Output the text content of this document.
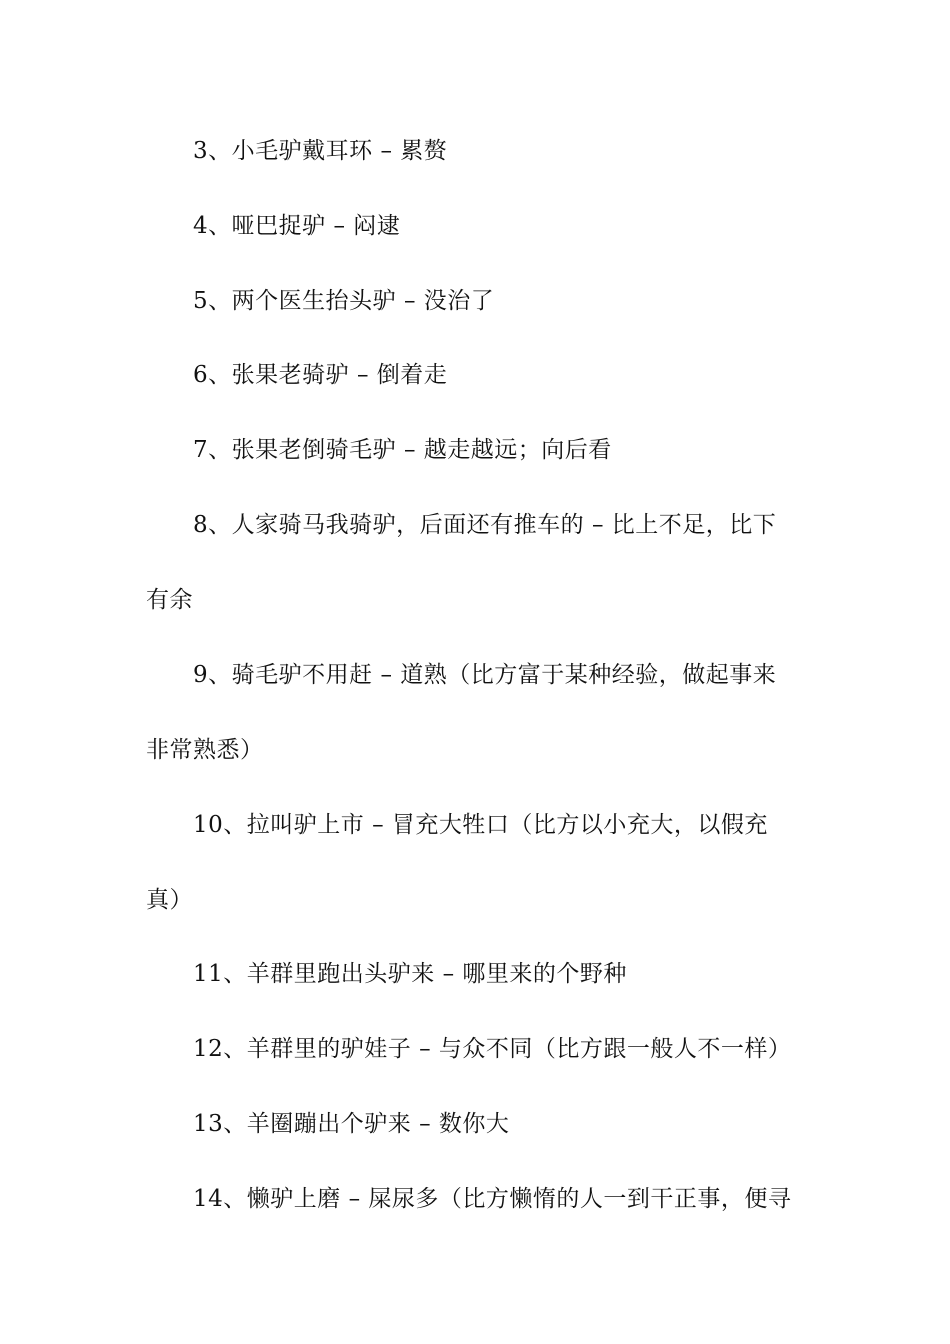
3、小毛驴戴耳环 – 累赘
4、哑巴捉驴 – 闷逮
5、两个医生抬头驴 – 没治了
6、张果老骑驴 – 倒着走
7、张果老倒骑毛驴 – 越走越远；向后看
8、人家骑马我骑驴，后面还有推车的 – 比上不足，比下
有余
9、骑毛驴不用赶 – 道熟（比方富于某种经验，做起事来
非常熟悉）
10、拉叫驴上市 – 冒充大牲口（比方以小充大，以假充
真）
11、羊群里跑出头驴来 – 哪里来的个野种
12、羊群里的驴娃子 – 与众不同（比方跟一般人不一样）
13、羊圈蹦出个驴来 – 数你大
14、懒驴上磨 – 屎尿多（比方懒惰的人一到干正事，便寻
